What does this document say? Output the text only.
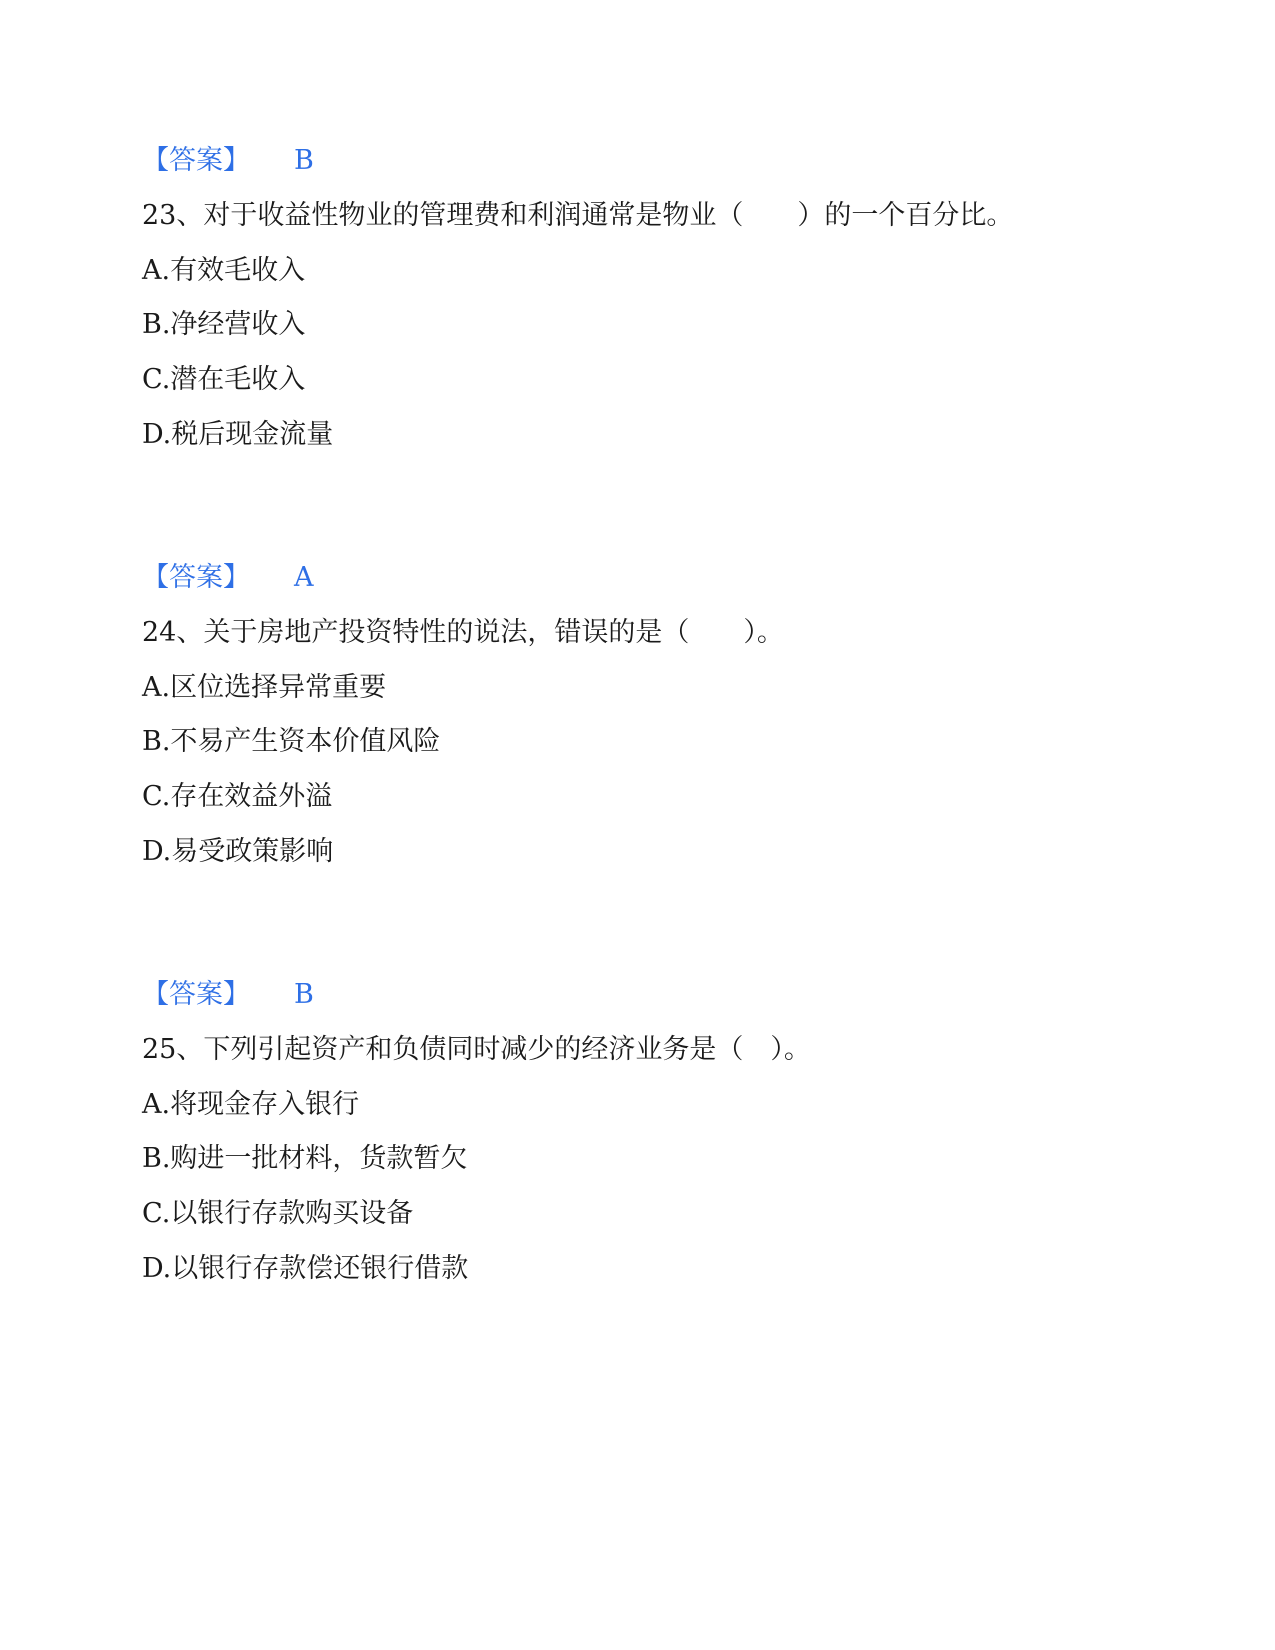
【答案】 B
23、对于收益性物业的管理费和利润通常是物业（　　）的一个百分比。
A.有效毛收入
B.净经营收入
C.潜在毛收入
D.税后现金流量
【答案】 A
24、关于房地产投资特性的说法，错误的是（　　）。
A.区位选择异常重要
B.不易产生资本价值风险
C.存在效益外溢
D.易受政策影响
【答案】 B
25、下列引起资产和负债同时减少的经济业务是（　）。
A.将现金存入银行
B.购进一批材料，货款暂欠
C.以银行存款购买设备
D.以银行存款偿还银行借款
